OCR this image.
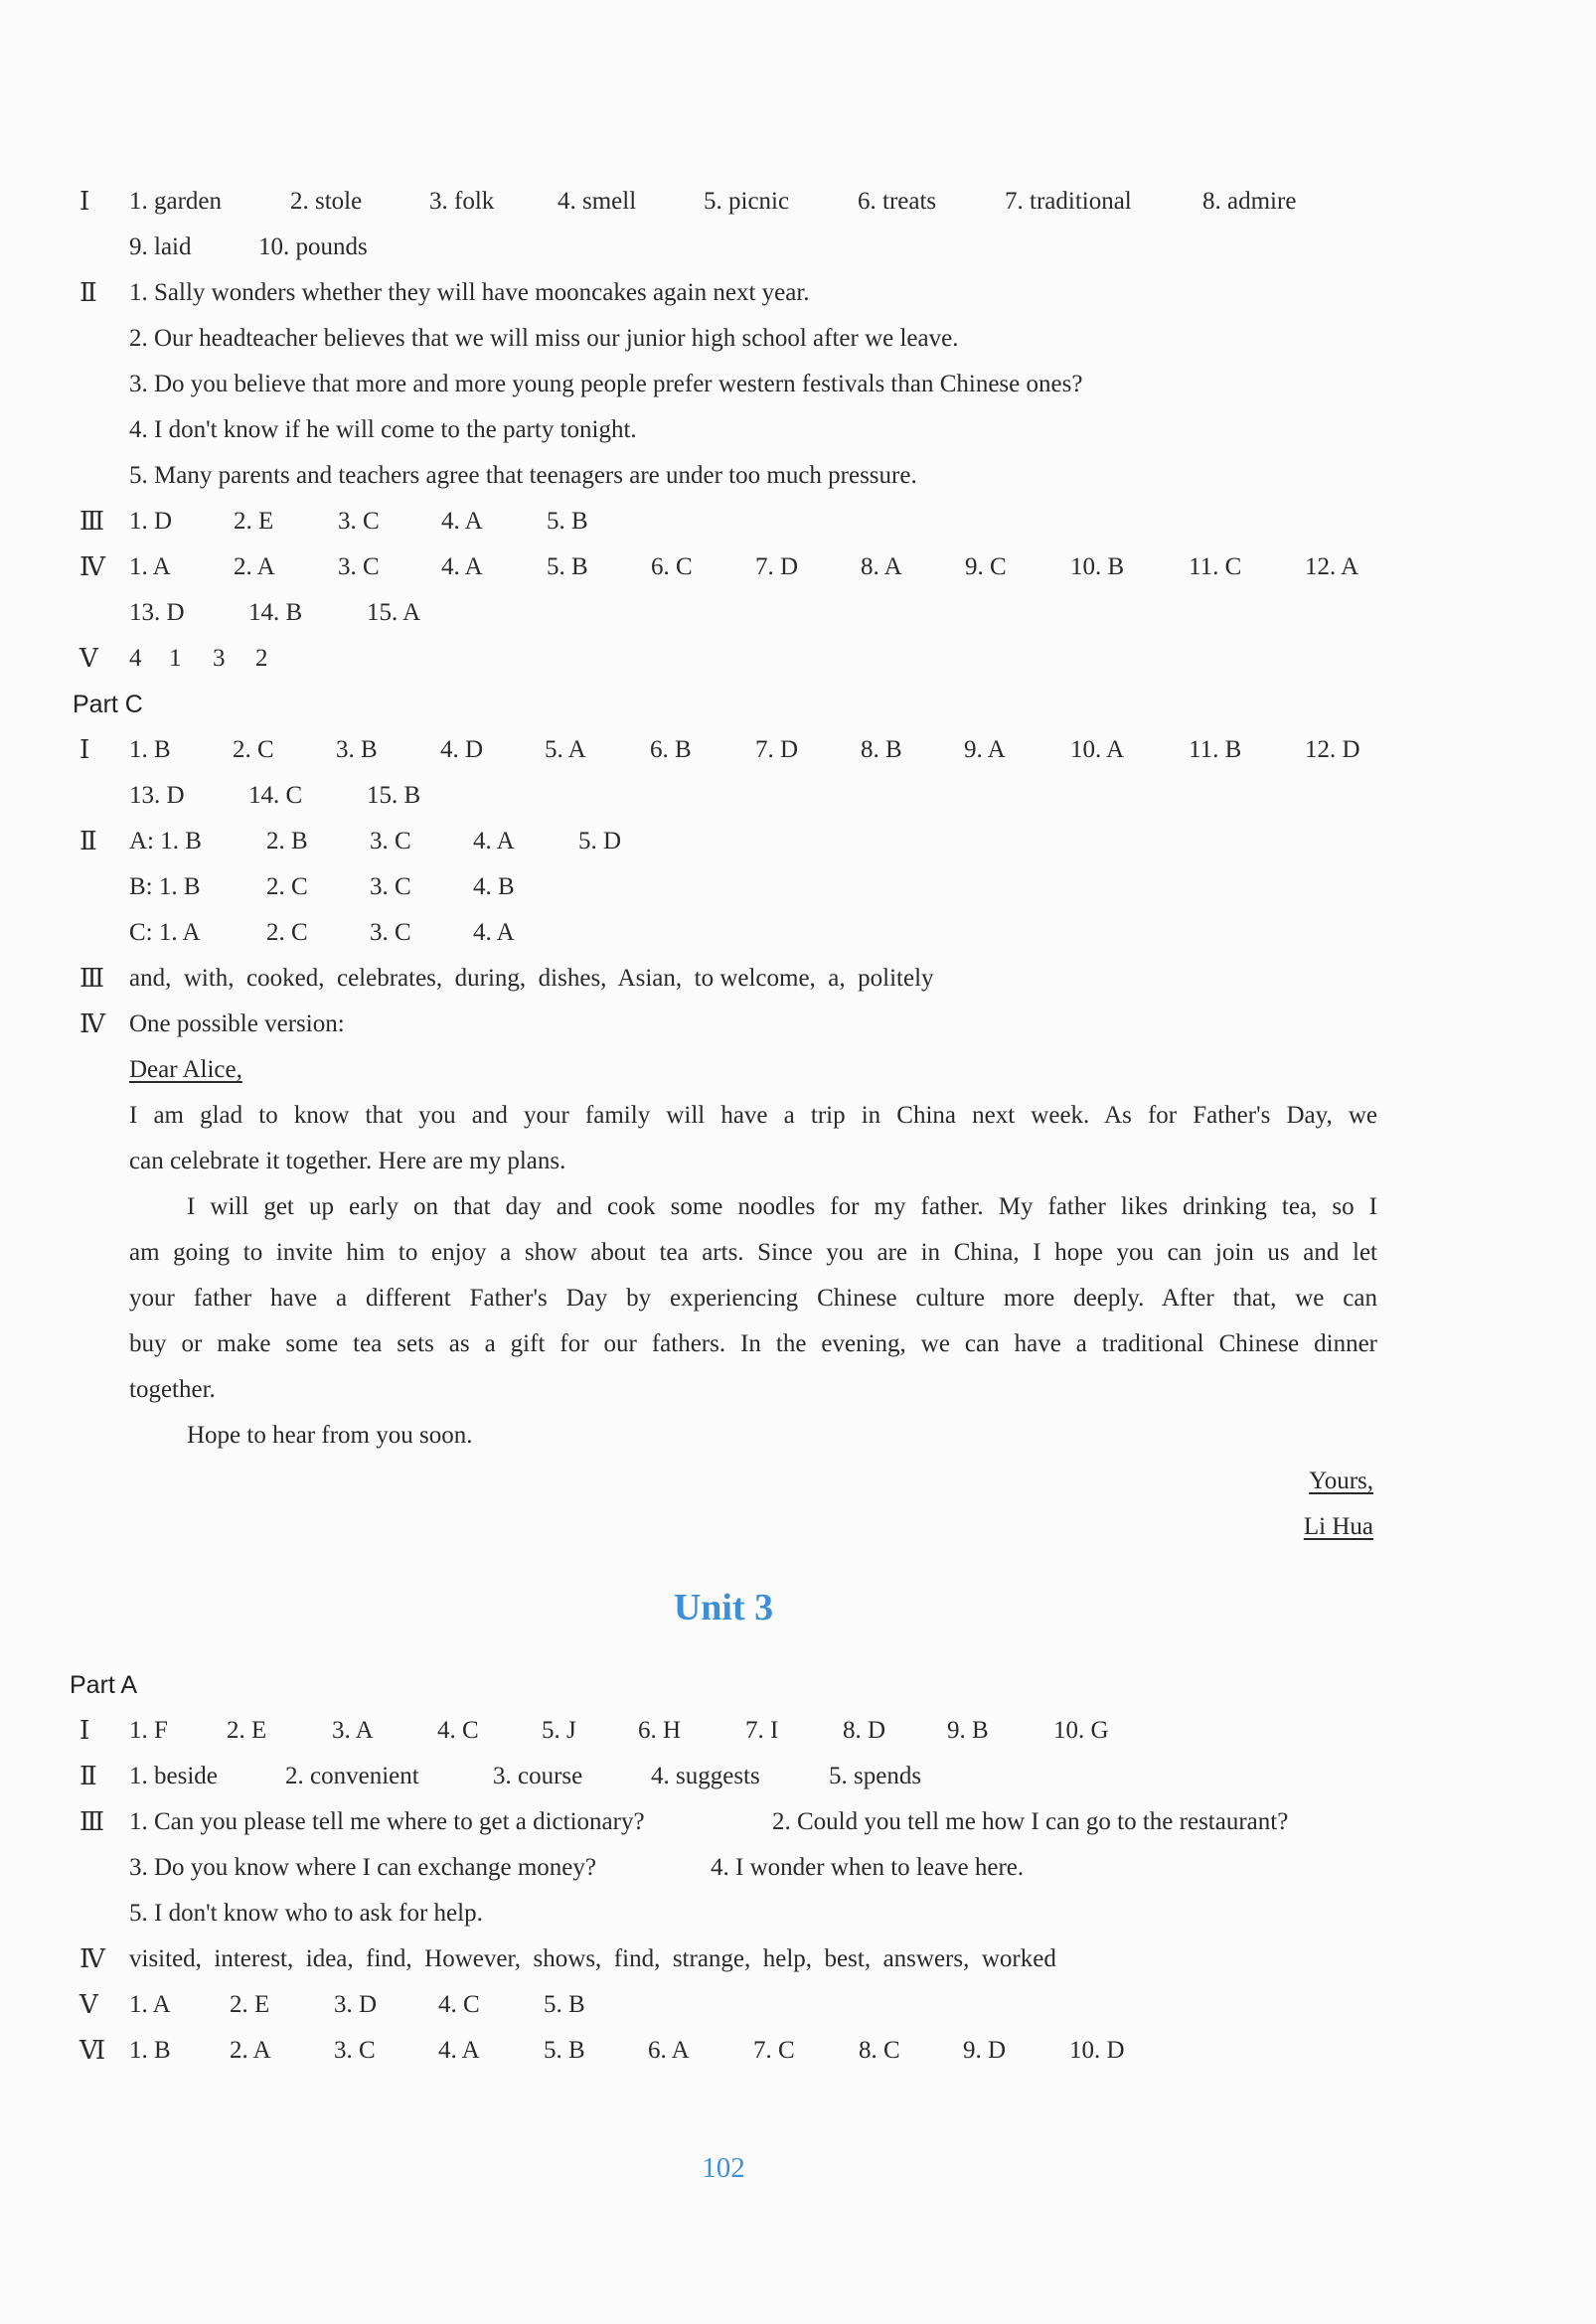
Ⅰ 1. garden	2. stole	3. folk	4. smell	5. picnic	6. treats	7. traditional	8. admire
9. laid	10. pounds
Ⅱ 1. Sally wonders whether they will have mooncakes again next year.
2. Our headteacher believes that we will miss our junior high school after we leave.
3. Do you believe that more and more young people prefer western festivals than Chinese ones?
4. I don't know if he will come to the party tonight.
5. Many parents and teachers agree that teenagers are under too much pressure.
Ⅲ 1. D 2. E	3. C 4. A	5. B
Ⅳ 1. A	2. A	3. C 4. A	5. B	6. C	7. D	8. A	9. C	10. B	11. C	12. A
13. D	14. B	15. A
Ⅴ 4 1 3 2
Part C
Ⅰ 1. B 2. C 3. B	4. D 5. A	6. B	7. D	8. B 9. A	10. A	11. B	12. D
13. D	14. C	15. B
Ⅱ A: 1. B	2. B 3. C 4. A	5. D
B: 1. B	2. C 3. C 4. B
C: 1. A	2. C 3. C 4. A
Ⅲ and,  with,  cooked,  celebrates,  during,  dishes,  Asian,  to welcome,  a,  politely
Ⅳ One possible version:
Dear Alice,
I am glad to know that you and your family will have a trip in China next week. As for Father's Day, we
can celebrate it together. Here are my plans.
I will get up early on that day and cook some noodles for my father. My father likes drinking tea, so I
am going to invite him to enjoy a show about tea arts. Since you are in China, I hope you can join us and let
your father have a different Father's Day by experiencing Chinese culture more deeply. After that, we can
buy or make some tea sets as a gift for our fathers. In the evening, we can have a traditional Chinese dinner
together.
Hope to hear from you soon.
Yours,
Li Hua
Unit 3
Part A
Ⅰ 1. F 2. E	3. A	4. C	5. J 6. H	7. I	8. D 9. B	10. G
Ⅱ 1. beside	2. convenient	3. course	4. suggests	5. spends
Ⅲ 1. Can you please tell me where to get a dictionary?	2. Could you tell me how I can go to the restaurant?
3. Do you know where I can exchange money?	4. I wonder when to leave here.
5. I don't know who to ask for help.
Ⅳ visited,  interest,  idea,  find,  However,  shows,  find,  strange,  help,  best,  answers,  worked
Ⅴ 1. A 2. E	3. D 4. C	5. B
Ⅵ 1. B 2. A	3. C	4. A	5. B	6. A	7. C	8. C	9. D	10. D
102
